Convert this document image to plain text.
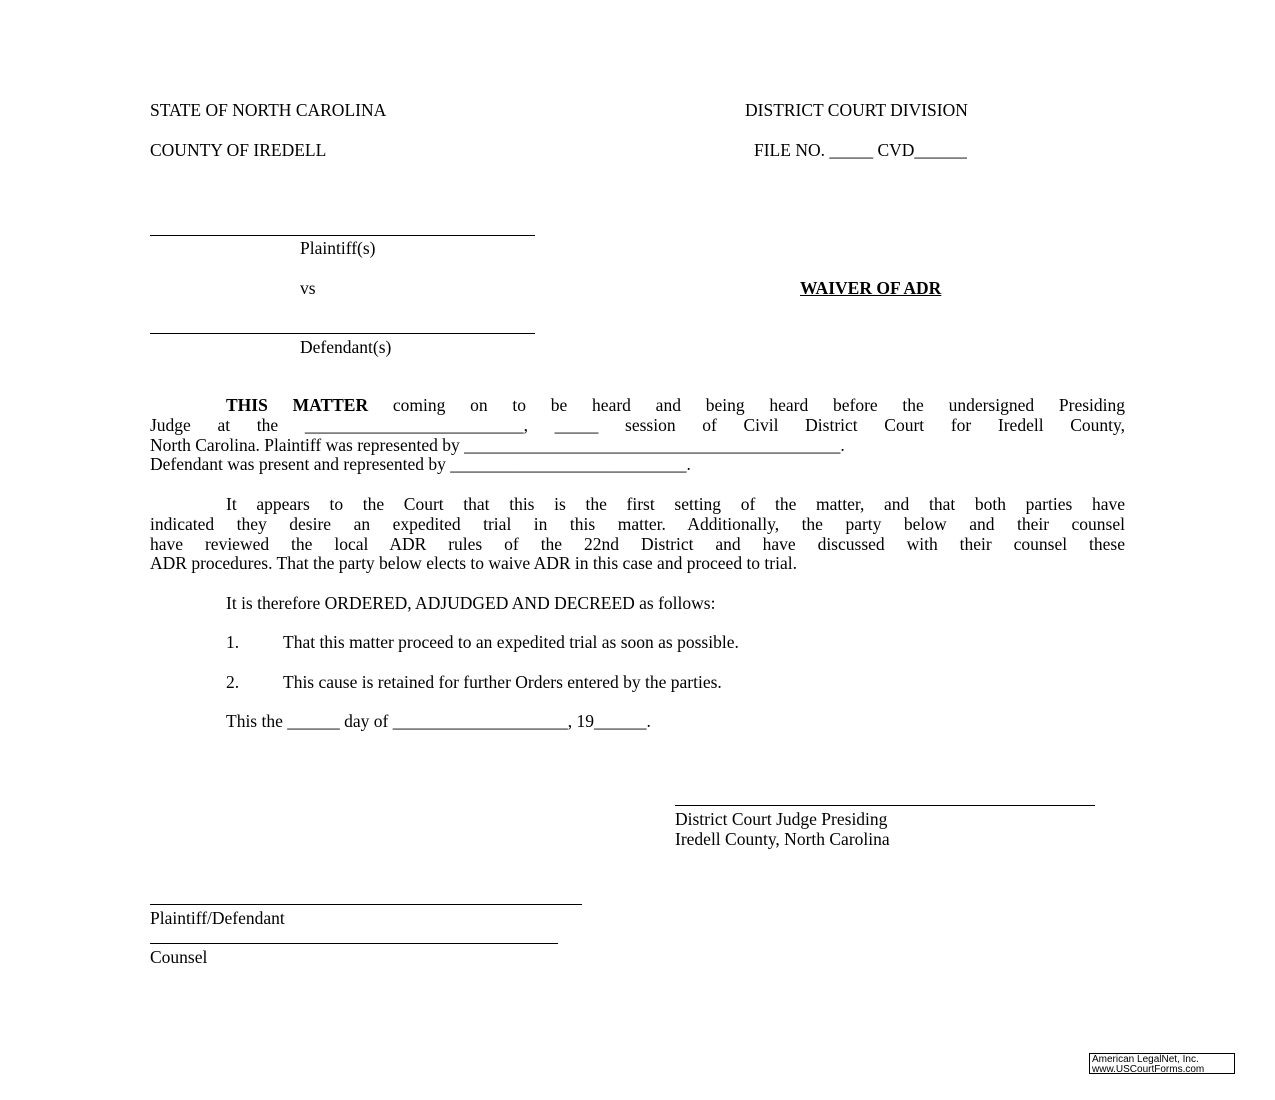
STATE OF NORTH CAROLINA	DISTRICT COURT DIVISION
COUNTY OF IREDELL	FILE NO. _____ CVD______
Plaintiff(s)
vs	WAIVER OF ADR
Defendant(s)
THIS MATTER coming on to be heard and being heard before the undersigned Presiding
Judge at the _________________________, _____ session of Civil District Court for Iredell County,
North Carolina. Plaintiff was represented by ___________________________________________.
Defendant was present and represented by ___________________________.
It appears to the Court that this is the first setting of the matter, and that both parties have
indicated they desire an expedited trial in this matter. Additionally, the party below and their counsel
have reviewed the local ADR rules of the 22nd District and have discussed with their counsel these
ADR procedures. That the party below elects to waive ADR in this case and proceed to trial.
It is therefore ORDERED, ADJUDGED AND DECREED as follows:
1.	That this matter proceed to an expedited trial as soon as possible.
2.	This cause is retained for further Orders entered by the parties.
This the ______ day of ____________________, 19______.
District Court Judge Presiding
Iredell County, North Carolina
Plaintiff/Defendant
Counsel
American LegalNet, Inc.
www.USCourtForms.com
